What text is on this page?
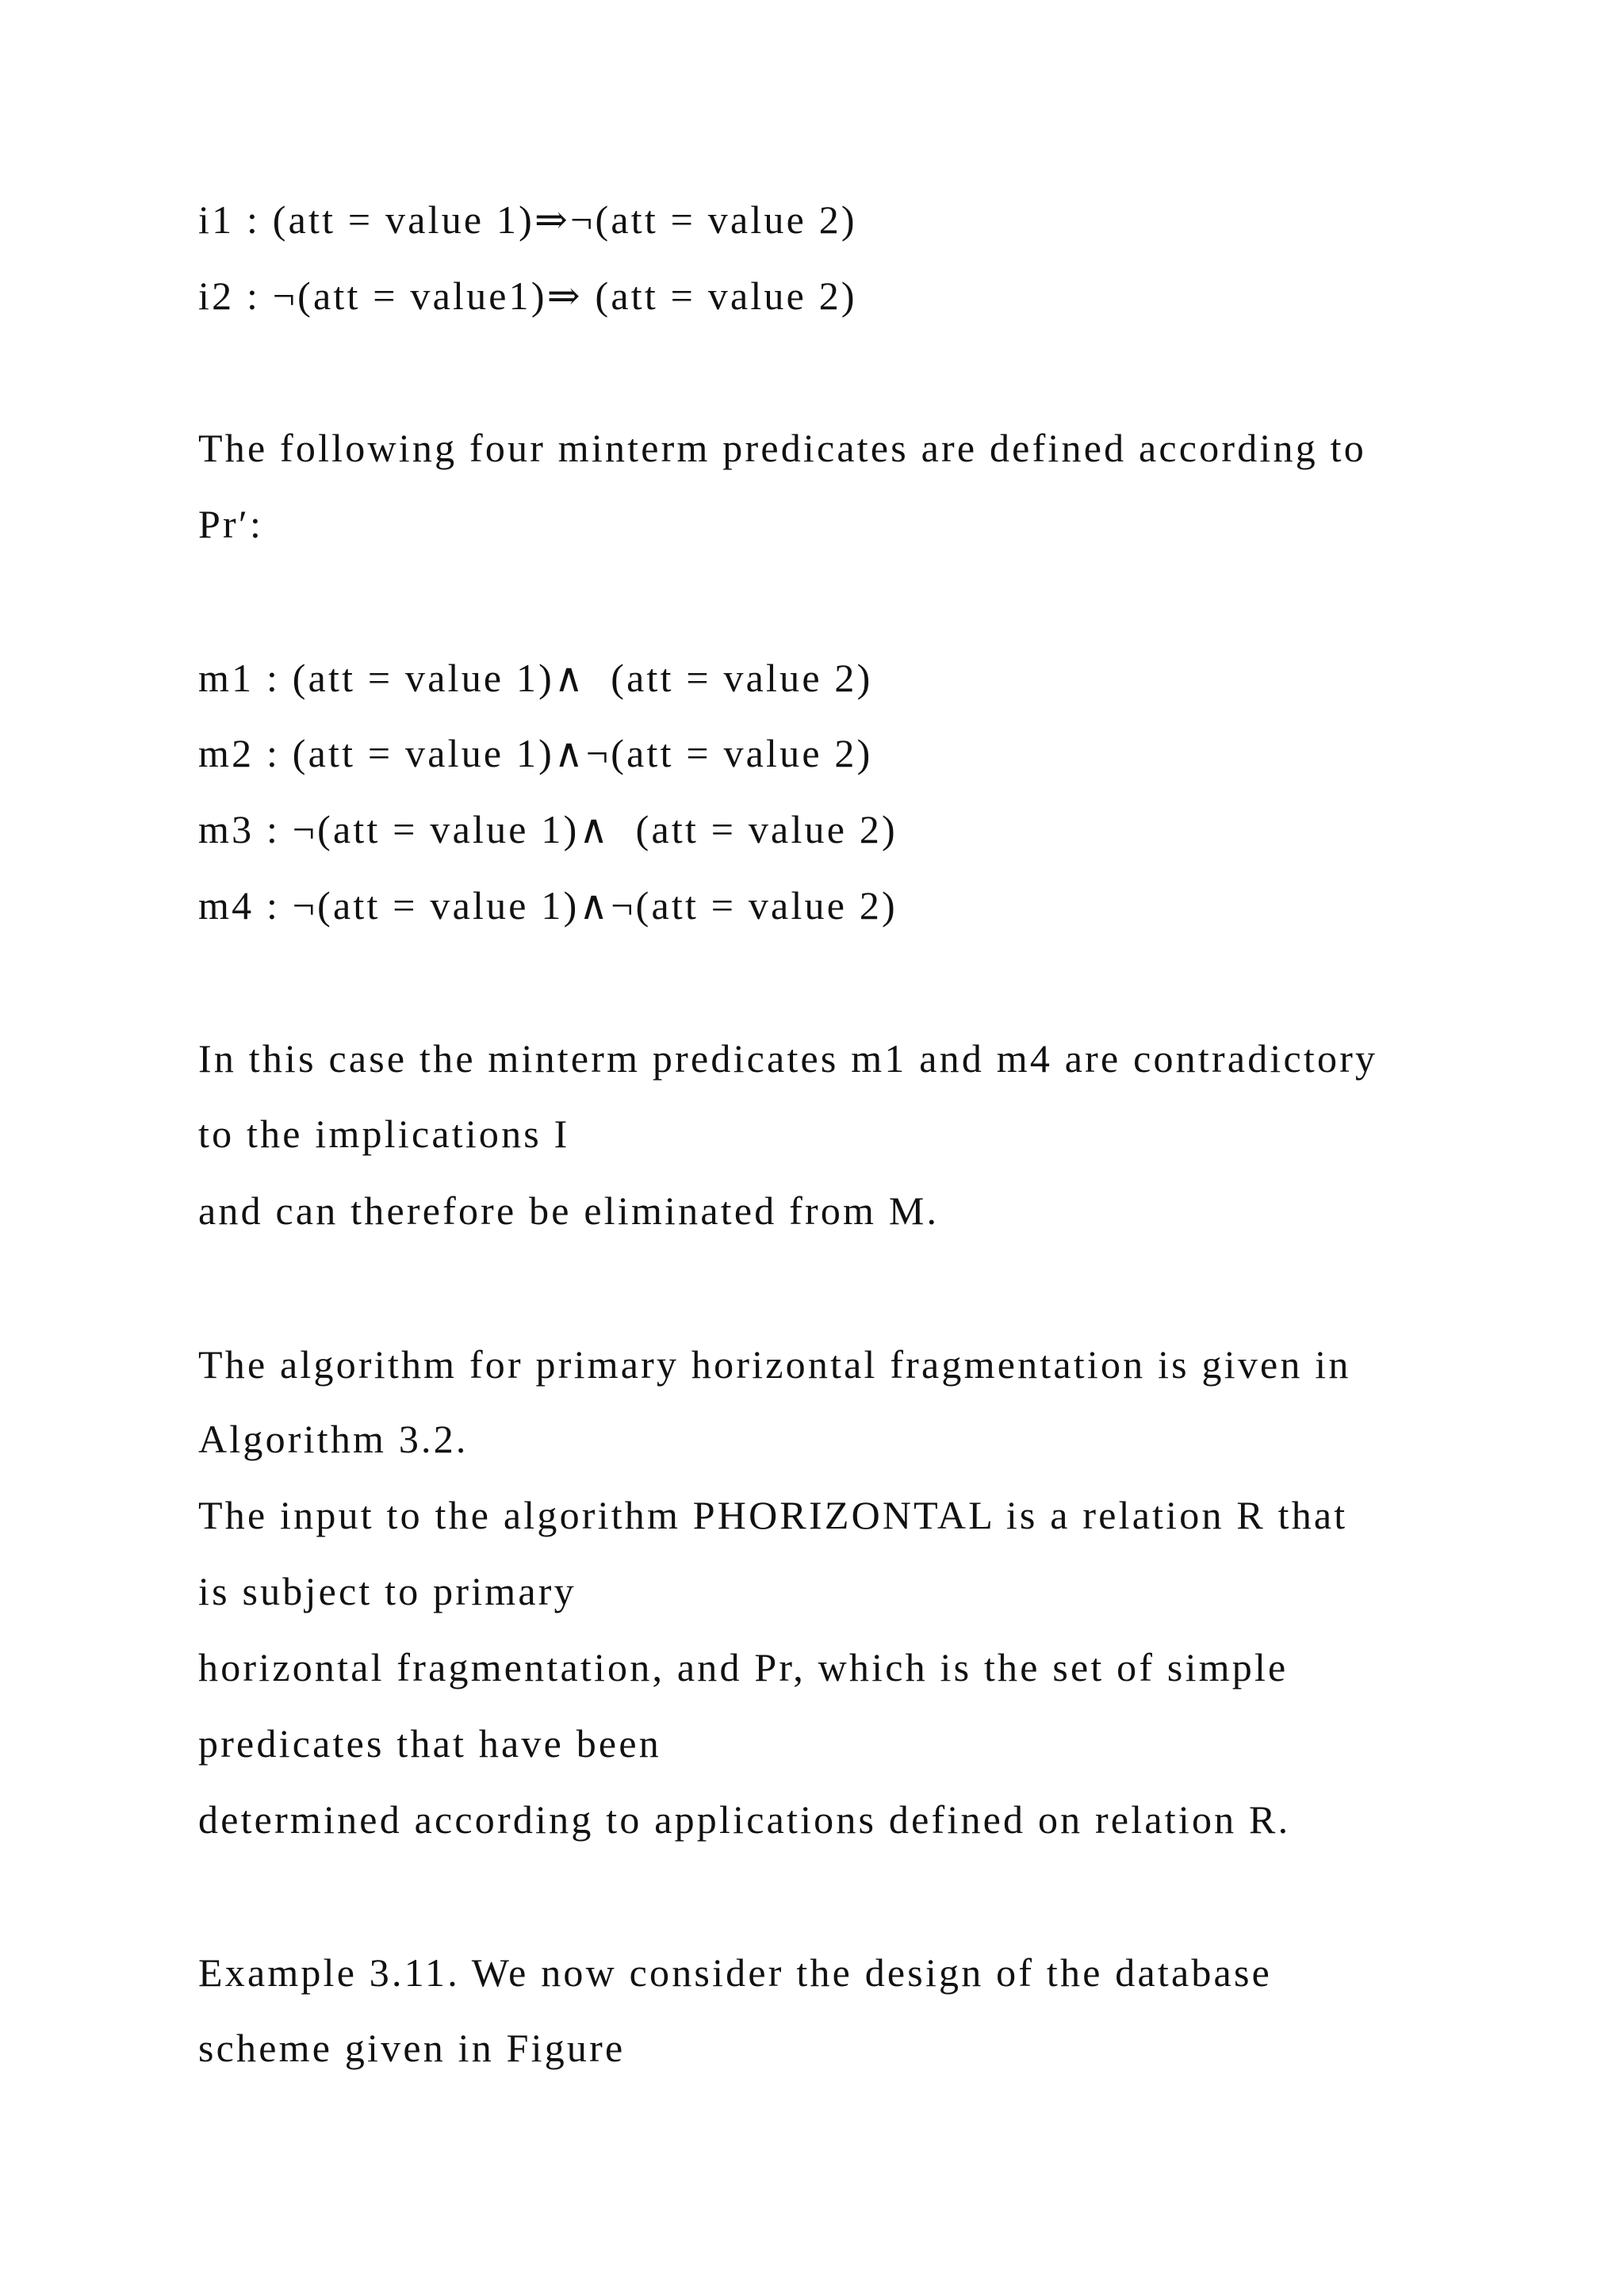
i1 : (att = value 1)⇒¬(att = value 2)
i2 : ¬(att = value1)⇒ (att = value 2)
The following four minterm predicates are defined according to
Pr′:
m1 : (att = value 1)∧  (att = value 2)
m2 : (att = value 1)∧¬(att = value 2)
m3 : ¬(att = value 1)∧  (att = value 2)
m4 : ¬(att = value 1)∧¬(att = value 2)
In this case the minterm predicates m1 and m4 are contradictory
to the implications I
and can therefore be eliminated from M.
The algorithm for primary horizontal fragmentation is given in
Algorithm 3.2.
The input to the algorithm PHORIZONTAL is a relation R that
is subject to primary
horizontal fragmentation, and Pr, which is the set of simple
predicates that have been
determined according to applications defined on relation R.
Example 3.11. We now consider the design of the database
scheme given in Figure
